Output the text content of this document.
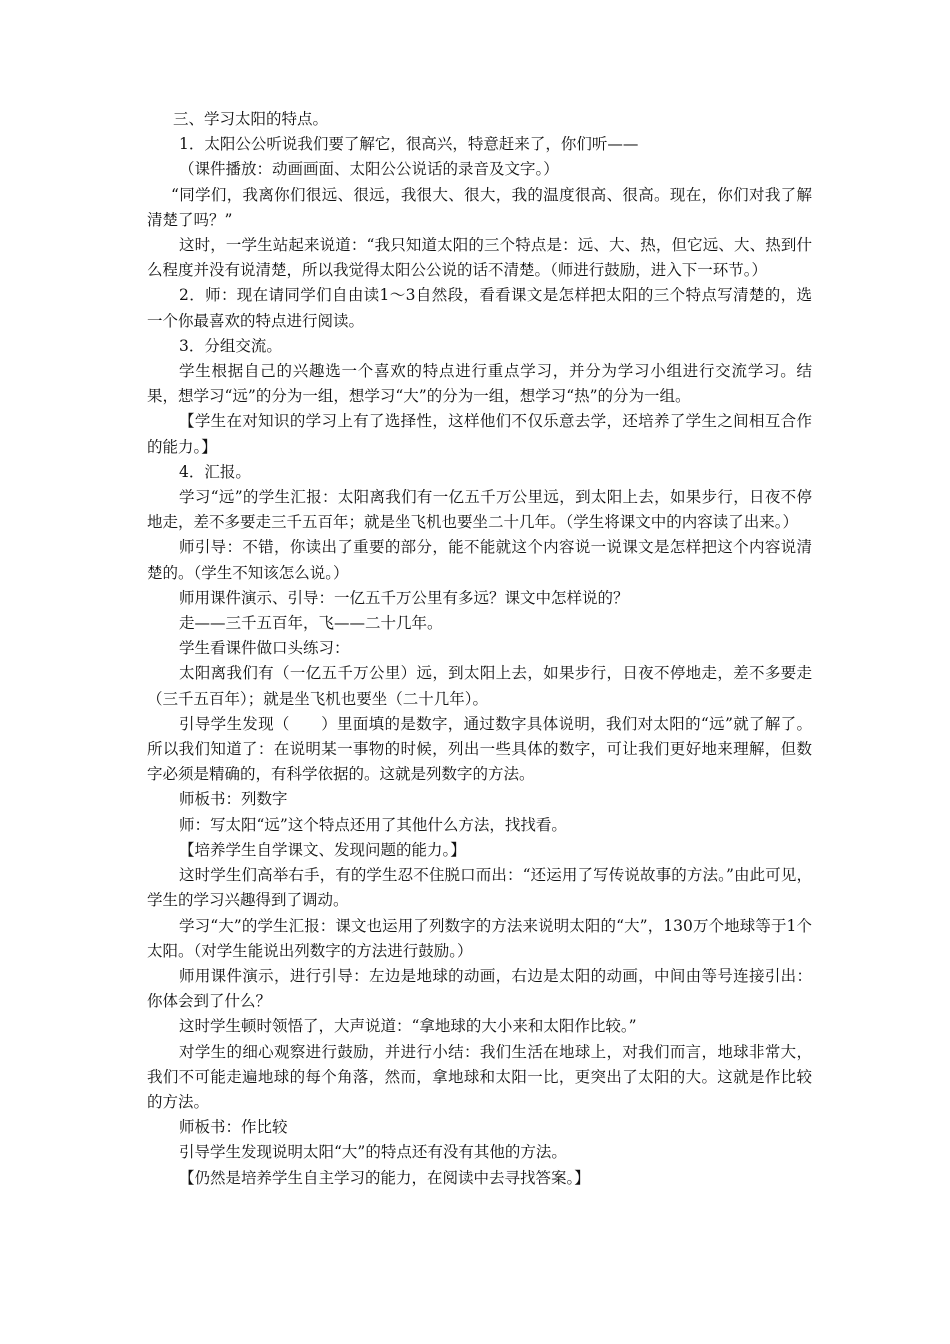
三、学习太阳的特点。

1．太阳公公听说我们要了解它，很高兴，特意赶来了，你们听——

（课件播放：动画画面、太阳公公说话的录音及文字。）

“同学们，我离你们很远、很远，我很大、很大，我的温度很高、很高。现在，你们对我了解清楚了吗？”

这时，一学生站起来说道：“我只知道太阳的三个特点是：远、大、热，但它远、大、热到什么程度并没有说清楚，所以我觉得太阳公公说的话不清楚。（师进行鼓励，进入下一环节。）

2．师：现在请同学们自由读1～3自然段，看看课文是怎样把太阳的三个特点写清楚的，选一个你最喜欢的特点进行阅读。

3．分组交流。

学生根据自己的兴趣选一个喜欢的特点进行重点学习，并分为学习小组进行交流学习。结果，想学习“远”的分为一组，想学习“大”的分为一组，想学习“热”的分为一组。

【学生在对知识的学习上有了选择性，这样他们不仅乐意去学，还培养了学生之间相互合作的能力。】

4．汇报。

学习“远”的学生汇报：太阳离我们有一亿五千万公里远，到太阳上去，如果步行，日夜不停地走，差不多要走三千五百年；就是坐飞机也要坐二十几年。（学生将课文中的内容读了出来。）

师引导：不错，你读出了重要的部分，能不能就这个内容说一说课文是怎样把这个内容说清楚的。（学生不知该怎么说。）

师用课件演示、引导：一亿五千万公里有多远？课文中怎样说的？

走——三千五百年，飞——二十几年。

学生看课件做口头练习：

太阳离我们有（一亿五千万公里）远，到太阳上去，如果步行，日夜不停地走，差不多要走（三千五百年）；就是坐飞机也要坐（二十几年）。

引导学生发现（      ）里面填的是数字，通过数字具体说明，我们对太阳的“远”就了解了。所以我们知道了：在说明某一事物的时候，列出一些具体的数字，可让我们更好地来理解，但数字必须是精确的，有科学依据的。这就是列数字的方法。

师板书：列数字

师：写太阳“远”这个特点还用了其他什么方法，找找看。

【培养学生自学课文、发现问题的能力。】

这时学生们高举右手，有的学生忍不住脱口而出：“还运用了写传说故事的方法。”由此可见，学生的学习兴趣得到了调动。

学习“大”的学生汇报：课文也运用了列数字的方法来说明太阳的“大”，130万个地球等于1个太阳。（对学生能说出列数字的方法进行鼓励。）

师用课件演示，进行引导：左边是地球的动画，右边是太阳的动画，中间由等号连接引出：你体会到了什么？

这时学生顿时领悟了，大声说道：“拿地球的大小来和太阳作比较。”

对学生的细心观察进行鼓励，并进行小结：我们生活在地球上，对我们而言，地球非常大，我们不可能走遍地球的每个角落，然而，拿地球和太阳一比，更突出了太阳的大。这就是作比较的方法。

师板书：作比较

引导学生发现说明太阳“大”的特点还有没有其他的方法。

【仍然是培养学生自主学习的能力，在阅读中去寻找答案。】
